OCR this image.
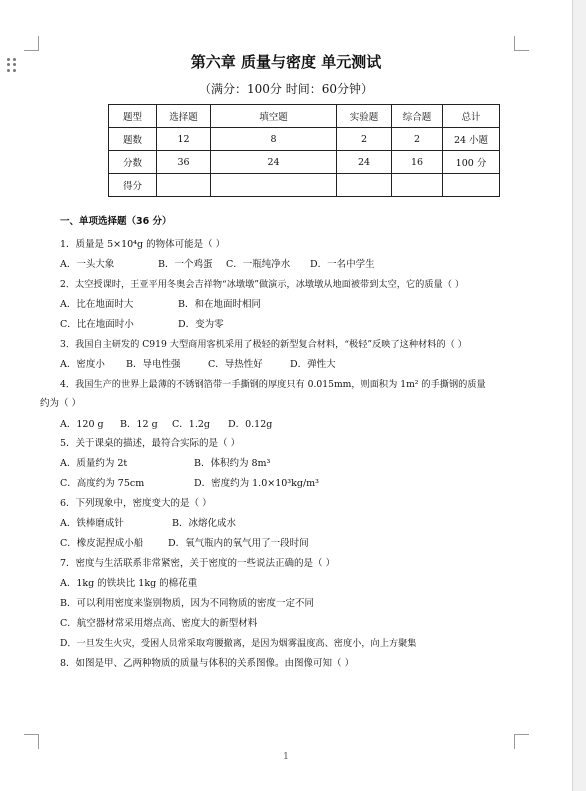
第六章 质量与密度 单元测试
（满分：100分 时间：60分钟）
题型	选择题	填空题	实验题	综合题	总计
题数	12	8	2	2	24 小题
分数	36	24	24	16	100 分
得分					
一、单项选择题（36 分）
1．质量是 5×10⁴g 的物体可能是（ ）
A．一头大象	B．一个鸡蛋 C．一瓶纯净水 D．一名中学生
2．太空授课时，王亚平用冬奥会吉祥物“冰墩墩”做演示，冰墩墩从地面被带到太空，它的质量（ ）
A．比在地面时大	B．和在地面时相同
C．比在地面时小	D．变为零
3．我国自主研发的 C919 大型商用客机采用了极轻的新型复合材料，“极轻”反映了这种材料的（ ）
A．密度小 B．导电性强	C．导热性好	D．弹性大
4．我国生产的世界上最薄的不锈钢箔带一手撕钢的厚度只有 0.015mm，则面积为 1m² 的手撕钢的质量
约为（ ）
A．120 g B．12 g C．1.2g D．0.12g
5．关于课桌的描述，最符合实际的是（ ）
A．质量约为 2t	B．体积约为 8m³
C．高度约为 75cm	D．密度约为 1.0×10³kg/m³
6．下列现象中，密度变大的是（ ）
A．铁棒磨成针	B．冰熔化成水
C．橡皮泥捏成小船	D．氧气瓶内的氧气用了一段时间
7．密度与生活联系非常紧密，关于密度的一些说法正确的是（ ）
A．1kg 的铁块比 1kg 的棉花重
B．可以利用密度来鉴别物质，因为不同物质的密度一定不同
C．航空器材常采用熔点高、密度大的新型材料
D．一旦发生火灾，受困人员常采取弯腰撤离，是因为烟雾温度高、密度小，向上方聚集
8．如图是甲、乙两种物质的质量与体积的关系图像。由图像可知（ ）
1
